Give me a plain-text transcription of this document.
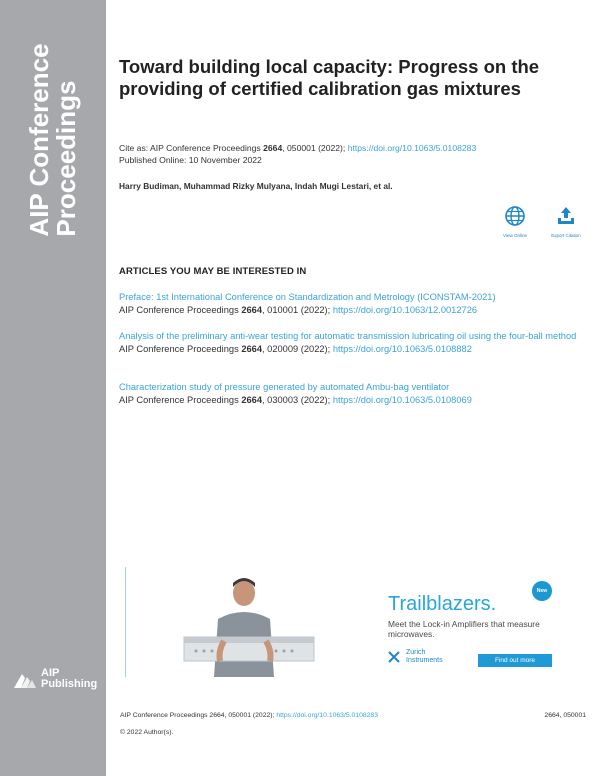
AIP Conference
Proceedings
AIP
Publishing
Toward building local capacity: Progress on the providing of certified calibration gas mixtures
Cite as: AIP Conference Proceedings 2664, 050001 (2022); https://doi.org/10.1063/5.0108283
Published Online: 10 November 2022
Harry Budiman, Muhammad Rizky Mulyana, Indah Mugi Lestari, et al.
View Online	Export Citation
ARTICLES YOU MAY BE INTERESTED IN
Preface: 1st International Conference on Standardization and Metrology (ICONSTAM-2021)
AIP Conference Proceedings 2664, 010001 (2022); https://doi.org/10.1063/12.0012726
Analysis of the preliminary anti-wear testing for automatic transmission lubricating oil using the four-ball method
AIP Conference Proceedings 2664, 020009 (2022); https://doi.org/10.1063/5.0108882
Characterization study of pressure generated by automated Ambu-bag ventilator
AIP Conference Proceedings 2664, 030003 (2022); https://doi.org/10.1063/5.0108069
New
Trailblazers.
Meet the Lock-in Amplifiers that measure microwaves.
Zurich
Instruments	Find out more
AIP Conference Proceedings 2664, 050001 (2022); https://doi.org/10.1063/5.0108283	2664, 050001
© 2022 Author(s).
